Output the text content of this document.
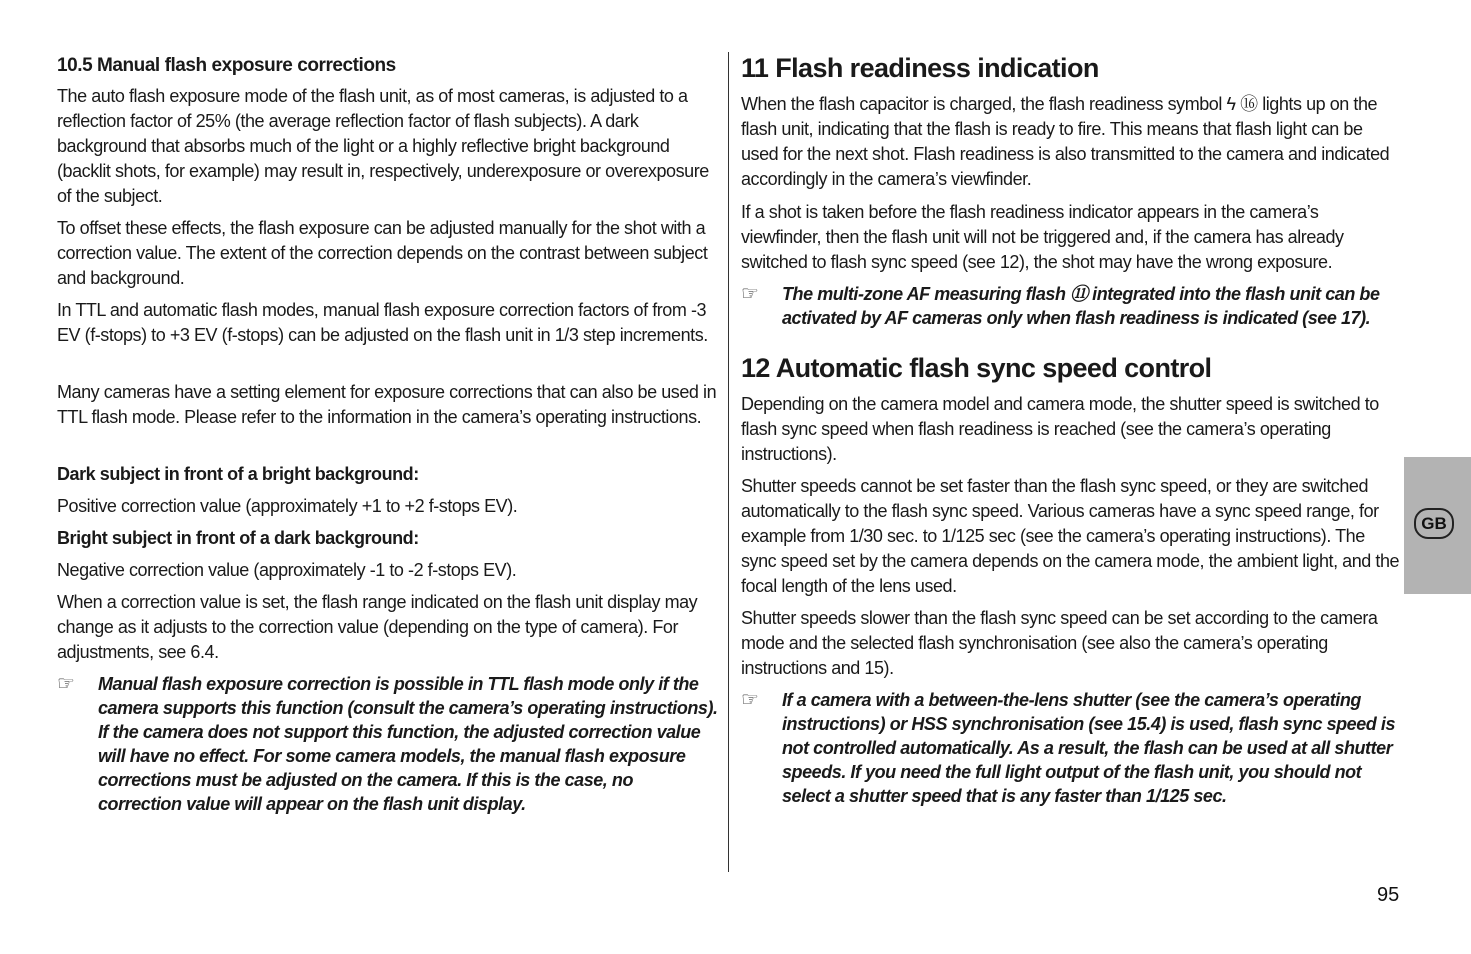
10.5 Manual flash exposure corrections

The auto flash exposure mode of the flash unit, as of most cameras, is adjusted to a reflection factor of 25% (the average reflection factor of flash subjects). A dark background that absorbs much of the light or a highly reflective bright background (backlit shots, for example) may result in, respectively, underexposure or overexposure of the subject.

To offset these effects, the flash exposure can be adjusted manually for the shot with a correction value. The extent of the correction depends on the contrast between subject and background.

In TTL and automatic flash modes, manual flash exposure correction factors of from -3 EV (f-stops) to +3 EV (f-stops) can be adjusted on the flash unit in 1/3 step increments.

Many cameras have a setting element for exposure corrections that can also be used in TTL flash mode. Please refer to the information in the camera’s operating instructions.

Dark subject in front of a bright background:

Positive correction value (approximately +1 to +2 f-stops EV).

Bright subject in front of a dark background:

Negative correction value (approximately -1 to -2 f-stops EV).

When a correction value is set, the flash range indicated on the flash unit display may change as it adjusts to the correction value (depending on the type of camera). For adjustments, see 6.4.

☞ Manual flash exposure correction is possible in TTL flash mode only if the camera supports this function (consult the camera’s operating instructions). If the camera does not support this function, the adjusted correction value will have no effect. For some camera models, the manual flash exposure corrections must be adjusted on the camera. If this is the case, no correction value will appear on the flash unit display.
11 Flash readiness indication

When the flash capacitor is charged, the flash readiness symbol ϟ ⑯ lights up on the flash unit, indicating that the flash is ready to fire. This means that flash light can be used for the next shot. Flash readiness is also transmitted to the camera and indicated accordingly in the camera’s viewfinder.

If a shot is taken before the flash readiness indicator appears in the camera’s viewfinder, then the flash unit will not be triggered and, if the camera has already switched to flash sync speed (see 12), the shot may have the wrong exposure.

☞ The multi-zone AF measuring flash ⑪ integrated into the flash unit can be activated by AF cameras only when flash readiness is indicated (see 17).
12 Automatic flash sync speed control

Depending on the camera model and camera mode, the shutter speed is switched to flash sync speed when flash readiness is reached (see the camera’s operating instructions).

Shutter speeds cannot be set faster than the flash sync speed, or they are switched automatically to the flash sync speed. Various cameras have a sync speed range, for example from 1/30 sec. to 1/125 sec (see the camera’s operating instructions). The sync speed set by the camera depends on the camera mode, the ambient light, and the focal length of the lens used.

Shutter speeds slower than the flash sync speed can be set according to the camera mode and the selected flash synchronisation (see also the camera’s operating instructions and 15).

☞ If a camera with a between-the-lens shutter (see the camera’s operating instructions) or HSS synchronisation (see 15.4) is used, flash sync speed is not controlled automatically. As a result, the flash can be used at all shutter speeds. If you need the full light output of the flash unit, you should not select a shutter speed that is any faster than 1/125 sec.
GB
95
